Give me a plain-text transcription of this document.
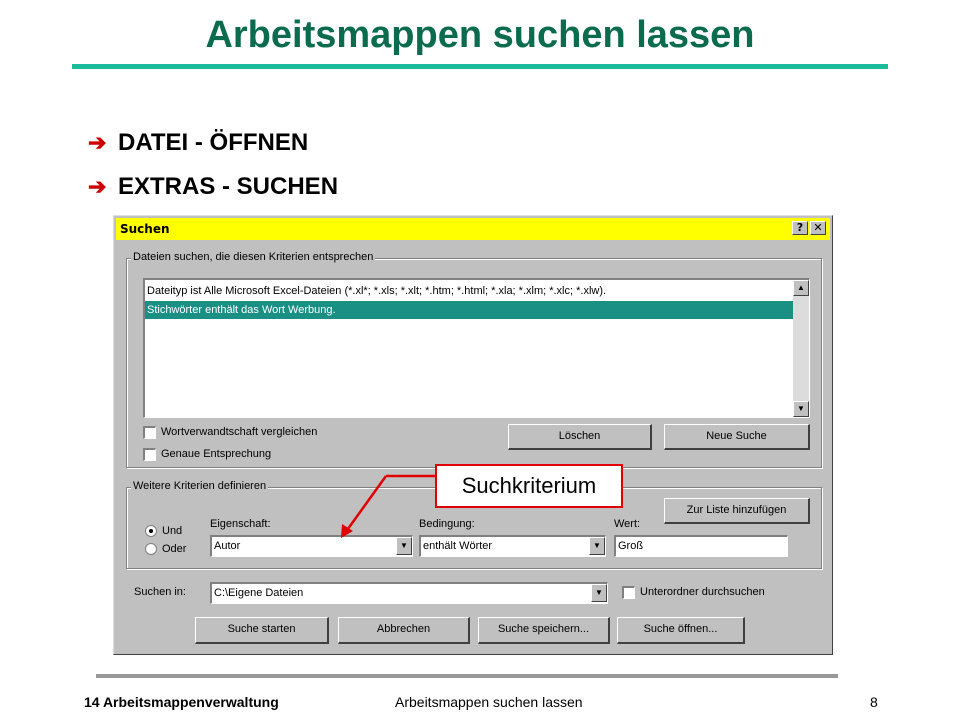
Arbeitsmappen suchen lassen
➔ DATEI - ÖFFNEN
➔ EXTRAS - SUCHEN
Suchen	? ✕
Dateien suchen, die diesen Kriterien entsprechen
Dateityp ist Alle Microsoft Excel-Dateien (*.xl*; *.xls; *.xlt; *.htm; *.html; *.xla; *.xlm; *.xlc; *.xlw).
Stichwörter enthält das Wort Werbung.
▲
▼
Wortverwandtschaft vergleichen
Genaue Entsprechung
Löschen	Neue Suche
Weitere Kriterien definieren
Und
Oder
Eigenschaft:
Autor	▼
Bedingung:
enthält Wörter	▼
Wert:
Groß
Zur Liste hinzufügen
Suchen in:	C:\Eigene Dateien	▼	Unterordner durchsuchen
Suche starten	Abbrechen	Suche speichern...	Suche öffnen...
Suchkriterium
14 Arbeitsmappenverwaltung	Arbeitsmappen suchen lassen	8
